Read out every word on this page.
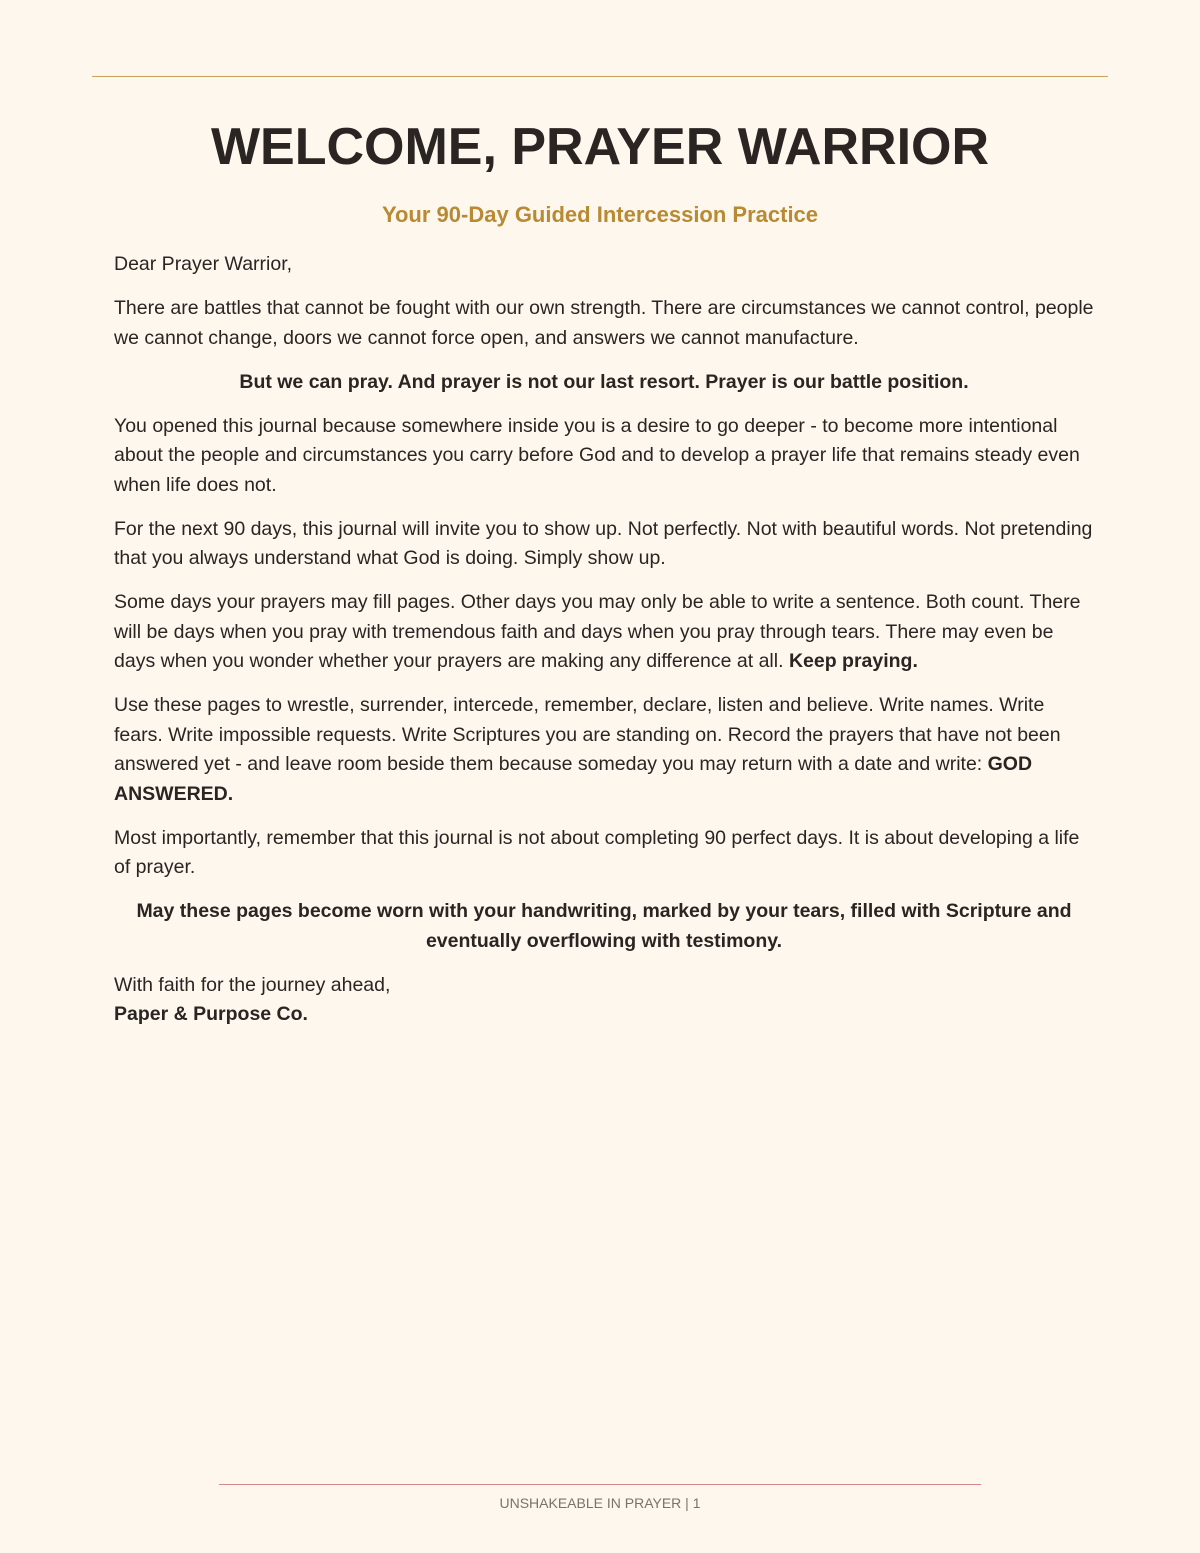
WELCOME, PRAYER WARRIOR
Your 90-Day Guided Intercession Practice

Dear Prayer Warrior,

There are battles that cannot be fought with our own strength. There are circumstances we cannot control, people we cannot change, doors we cannot force open, and answers we cannot manufacture.

But we can pray. And prayer is not our last resort. Prayer is our battle position.

You opened this journal because somewhere inside you is a desire to go deeper - to become more intentional about the people and circumstances you carry before God and to develop a prayer life that remains steady even when life does not.

For the next 90 days, this journal will invite you to show up. Not perfectly. Not with beautiful words. Not pretending that you always understand what God is doing. Simply show up.

Some days your prayers may fill pages. Other days you may only be able to write a sentence. Both count. There will be days when you pray with tremendous faith and days when you pray through tears. There may even be days when you wonder whether your prayers are making any difference at all. Keep praying.

Use these pages to wrestle, surrender, intercede, remember, declare, listen and believe. Write names. Write fears. Write impossible requests. Write Scriptures you are standing on. Record the prayers that have not been answered yet - and leave room beside them because someday you may return with a date and write: GOD ANSWERED.

Most importantly, remember that this journal is not about completing 90 perfect days. It is about developing a life of prayer.

May these pages become worn with your handwriting, marked by your tears, filled with Scripture and eventually overflowing with testimony.

With faith for the journey ahead,
Paper & Purpose Co.

UNSHAKEABLE IN PRAYER | 1
